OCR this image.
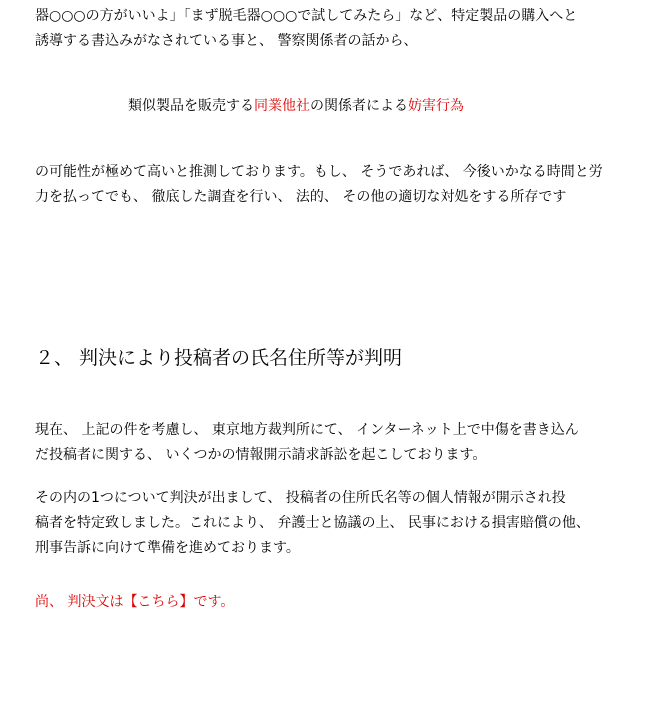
器○○○の方がいいよ」「まず脱毛器○○○で試してみたら」など、特定製品の購入へと
誘導する書込みがなされている事と、 警察関係者の話から、

類似製品を販売する同業他社の関係者による妨害行為

の可能性が極めて高いと推測しております。もし、 そうであれば、 今後いかなる時間と労
力を払ってでも、 徹底した調査を行い、 法的、 その他の適切な対処をする所存です

２、 判決により投稿者の氏名住所等が判明

現在、 上記の件を考慮し、 東京地方裁判所にて、 インターネット上で中傷を書き込ん
だ投稿者に関する、 いくつかの情報開示請求訴訟を起こしております。

その内の1つについて判決が出まして、 投稿者の住所氏名等の個人情報が開示され投
稿者を特定致しました。これにより、 弁護士と協議の上、 民事における損害賠償の他、
刑事告訴に向けて準備を進めております。

尚、 判決文は【こちら】です。
